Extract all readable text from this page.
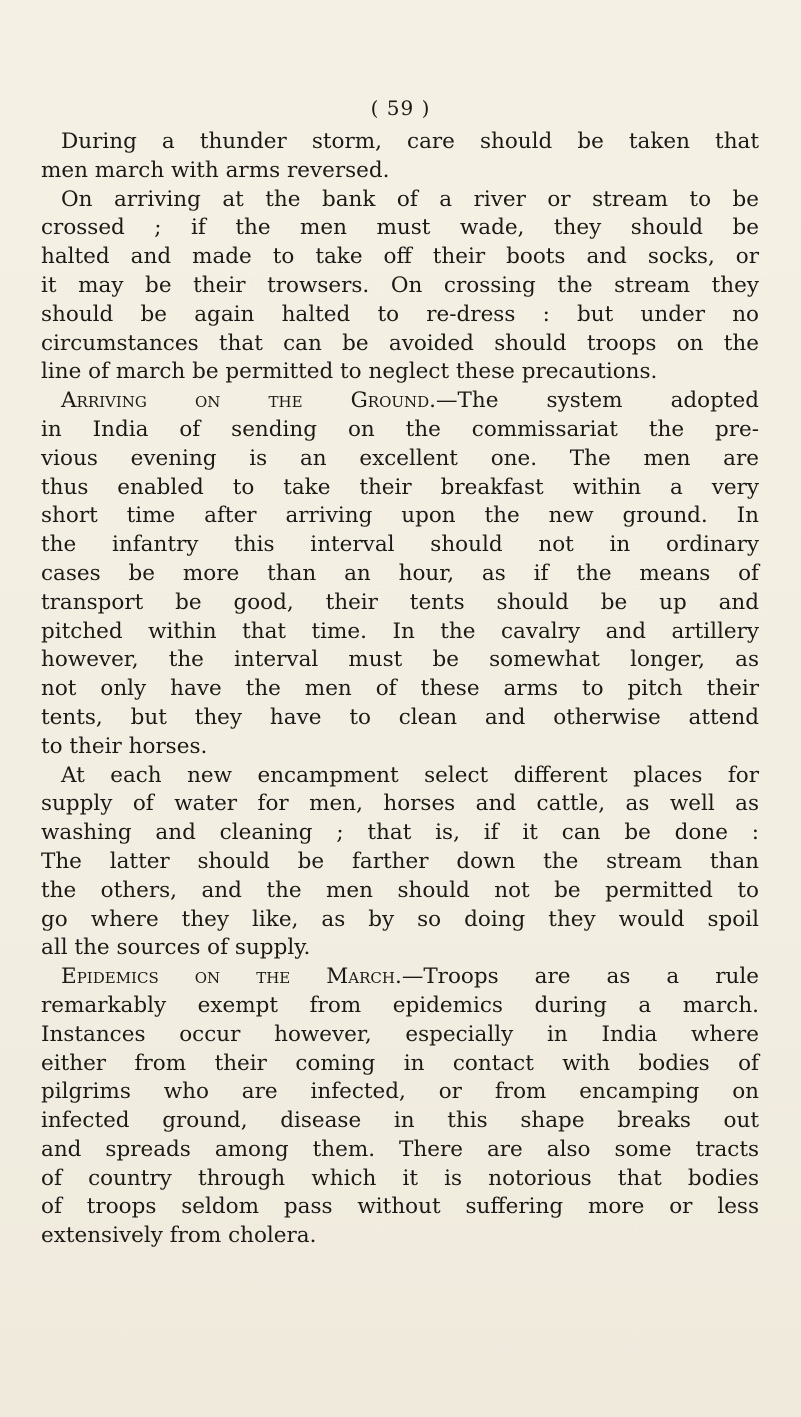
( 59 )
During a thunder storm, care should be taken that
men march with arms reversed.
On arriving at the bank of a river or stream to be
crossed ; if the men must wade, they should be
halted and made to take off their boots and socks, or
it may be their trowsers. On crossing the stream they
should be again halted to re-dress : but under no
circumstances that can be avoided should troops on the
line of march be permitted to neglect these precautions.
Arriving on the Ground.—The system adopted
in India of sending on the commissariat the pre-
vious evening is an excellent one. The men are
thus enabled to take their breakfast within a very
short time after arriving upon the new ground. In
the infantry this interval should not in ordinary
cases be more than an hour, as if the means of
transport be good, their tents should be up and
pitched within that time. In the cavalry and artillery
however, the interval must be somewhat longer, as
not only have the men of these arms to pitch their
tents, but they have to clean and otherwise attend
to their horses.
At each new encampment select different places for
supply of water for men, horses and cattle, as well as
washing and cleaning ; that is, if it can be done :
The latter should be farther down the stream than
the others, and the men should not be permitted to
go where they like, as by so doing they would spoil
all the sources of supply.
Epidemics on the March.—Troops are as a rule
remarkably exempt from epidemics during a march.
Instances occur however, especially in India where
either from their coming in contact with bodies of
pilgrims who are infected, or from encamping on
infected ground, disease in this shape breaks out
and spreads among them. There are also some tracts
of country through which it is notorious that bodies
of troops seldom pass without suffering more or less
extensively from cholera.
